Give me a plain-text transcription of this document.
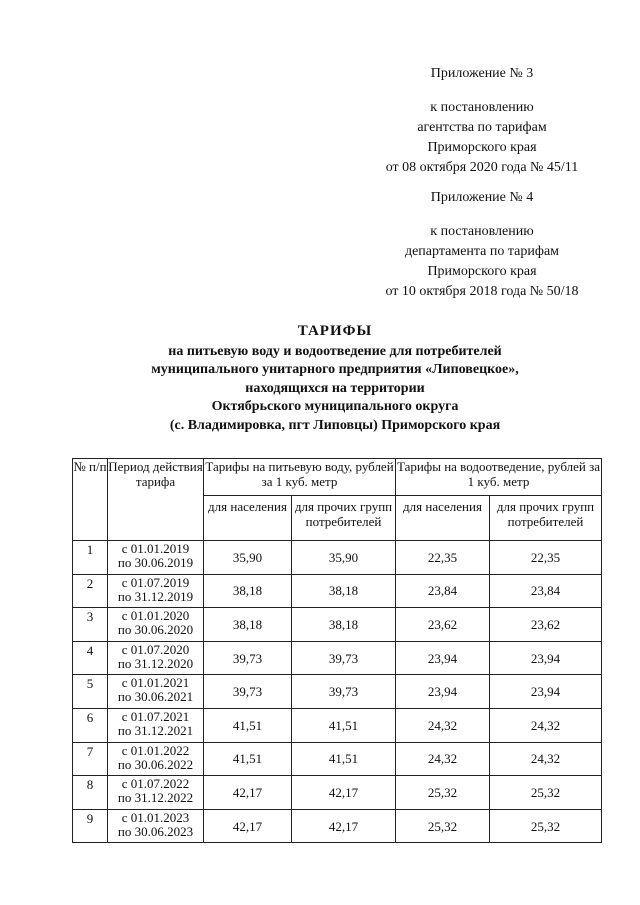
Приложение № 3
к постановлению
агентства по тарифам
Приморского края
от 08 октября 2020 года № 45/11
Приложение № 4
к постановлению
департамента по тарифам
Приморского края
от 10 октября 2018 года № 50/18
ТАРИФЫ
на питьевую воду и водоотведение для потребителей
муниципального унитарного предприятия «Липовецкое»,
находящихся на территории
Октябрьского муниципального округа
(с. Владимировка, пгт Липовцы) Приморского края
№ п/п	Период действия тарифа	Тарифы на питьевую воду, рублей за 1 куб. метр		Тарифы на водоотведение, рублей за 1 куб. метр	

		для населения	для прочих групп потребителей	для населения	для прочих групп потребителей

1	с 01.01.2019
по 30.06.2019	35,90	35,90	22,35	22,35
2	с 01.07.2019
по 31.12.2019	38,18	38,18	23,84	23,84
3	с 01.01.2020
по 30.06.2020	38,18	38,18	23,62	23,62
4	с 01.07.2020
по 31.12.2020	39,73	39,73	23,94	23,94
5	с 01.01.2021
по 30.06.2021	39,73	39,73	23,94	23,94
6	с 01.07.2021
по 31.12.2021	41,51	41,51	24,32	24,32
7	с 01.01.2022
по 30.06.2022	41,51	41,51	24,32	24,32
8	с 01.07.2022
по 31.12.2022	42,17	42,17	25,32	25,32
9	с 01.01.2023
по 30.06.2023	42,17	42,17	25,32	25,32
